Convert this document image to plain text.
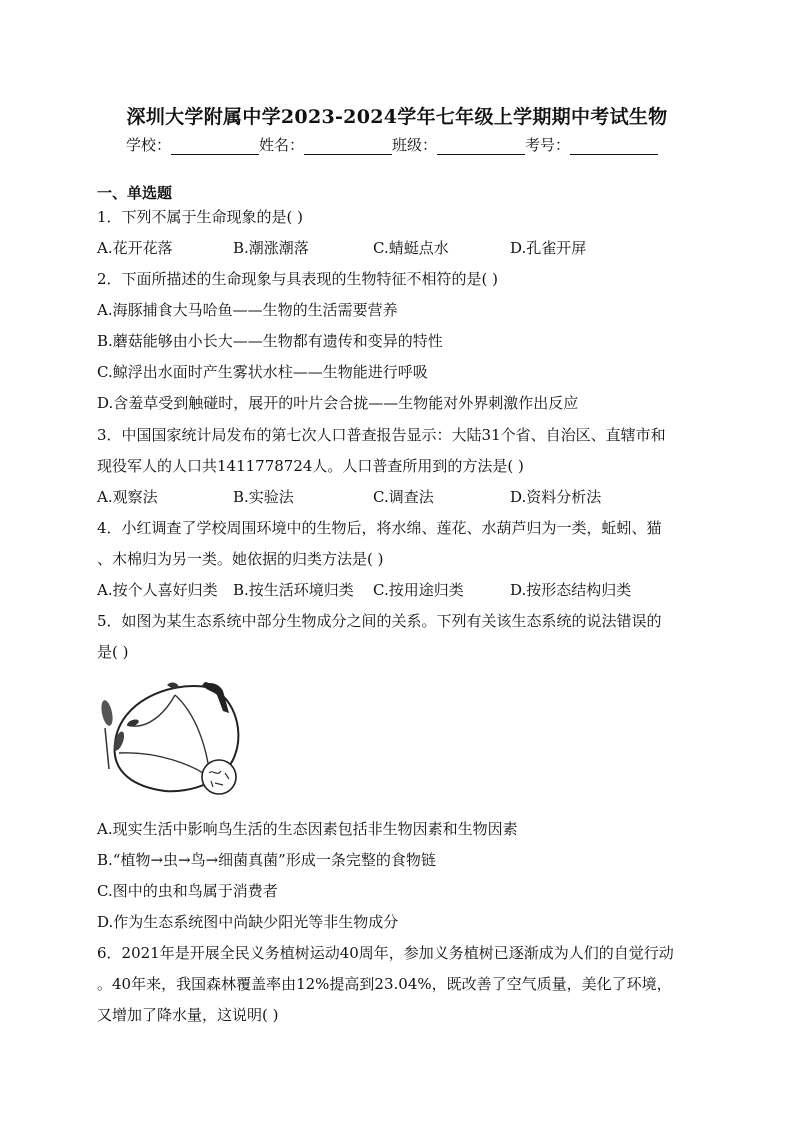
深圳大学附属中学2023-2024学年七年级上学期期中考试生物
学校：	姓名：	班级：	考号：
一、单选题
1．下列不属于生命现象的是( )
A.花开花落	B.潮涨潮落	C.蜻蜓点水	D.孔雀开屏
2．下面所描述的生命现象与具表现的生物特征不相符的是( )
A.海豚捕食大马哈鱼——生物的生活需要营养
B.蘑菇能够由小长大——生物都有遗传和变异的特性
C.鲸浮出水面时产生雾状水柱——生物能进行呼吸
D.含羞草受到触碰时，展开的叶片会合拢——生物能对外界刺激作出反应
3．中国国家统计局发布的第七次人口普查报告显示：大陆31个省、自治区、直辖市和
现役军人的人口共1411778724人。人口普查所用到的方法是( )
A.观察法	B.实验法	C.调查法	D.资料分析法
4．小红调查了学校周围环境中的生物后，将水绵、莲花、水葫芦归为一类，蚯蚓、猫
、木棉归为另一类。她依据的归类方法是( )
A.按个人喜好归类 B.按生活环境归类 C.按用途归类	D.按形态结构归类
5．如图为某生态系统中部分生物成分之间的关系。下列有关该生态系统的说法错误的
是( )
A.现实生活中影响鸟生活的生态因素包括非生物因素和生物因素
B.“植物→虫→鸟→细菌真菌”形成一条完整的食物链
C.图中的虫和鸟属于消费者
D.作为生态系统图中尚缺少阳光等非生物成分
6．2021年是开展全民义务植树运动40周年，参加义务植树已逐渐成为人们的自觉行动
。40年来，我国森林覆盖率由12%提高到23.04%，既改善了空气质量，美化了环境，
又增加了降水量，这说明( )
